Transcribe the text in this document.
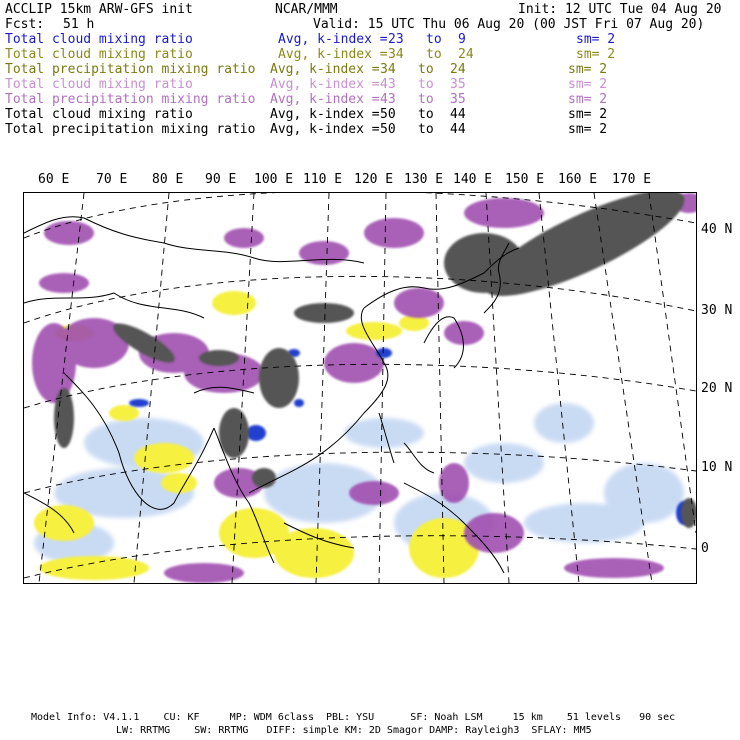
ACCLIP 15km ARW-GFS init	NCAR/MMM	Init: 12 UTC Tue 04 Aug 20
Fcst: 51 h	Valid: 15 UTC Thu 06 Aug 20 (00 JST Fri 07 Aug 20)
Total cloud mixing ratio	Avg, k-index = 23 to 9	sm= 2
Total cloud mixing ratio	Avg, k-index = 34 to 24	sm= 2
Total precipitation mixing ratio Avg, k-index = 34 to 24	sm= 2
Total cloud mixing ratio	Avg, k-index = 43 to 35	sm= 2
Total precipitation mixing ratio Avg, k-index = 43 to 35	sm= 2
Total cloud mixing ratio	Avg, k-index = 50 to 44	sm= 2
Total precipitation mixing ratio Avg, k-index = 50 to 44	sm= 2
60 E 70 E 80 E 90 E 100 E 110 E 120 E 130 E 140 E 150 E 160 E 170 E
40 N
30 N
20 N
10 N
0
Model Info: V4.1.1    CU: KF     MP: WDM 6class  PBL: YSU      SF: Noah LSM     15 km    51 levels   90 sec
LW: RRTMG    SW: RRTMG   DIFF: simple KM: 2D Smagor DAMP: Rayleigh3  SFLAY: MM5
